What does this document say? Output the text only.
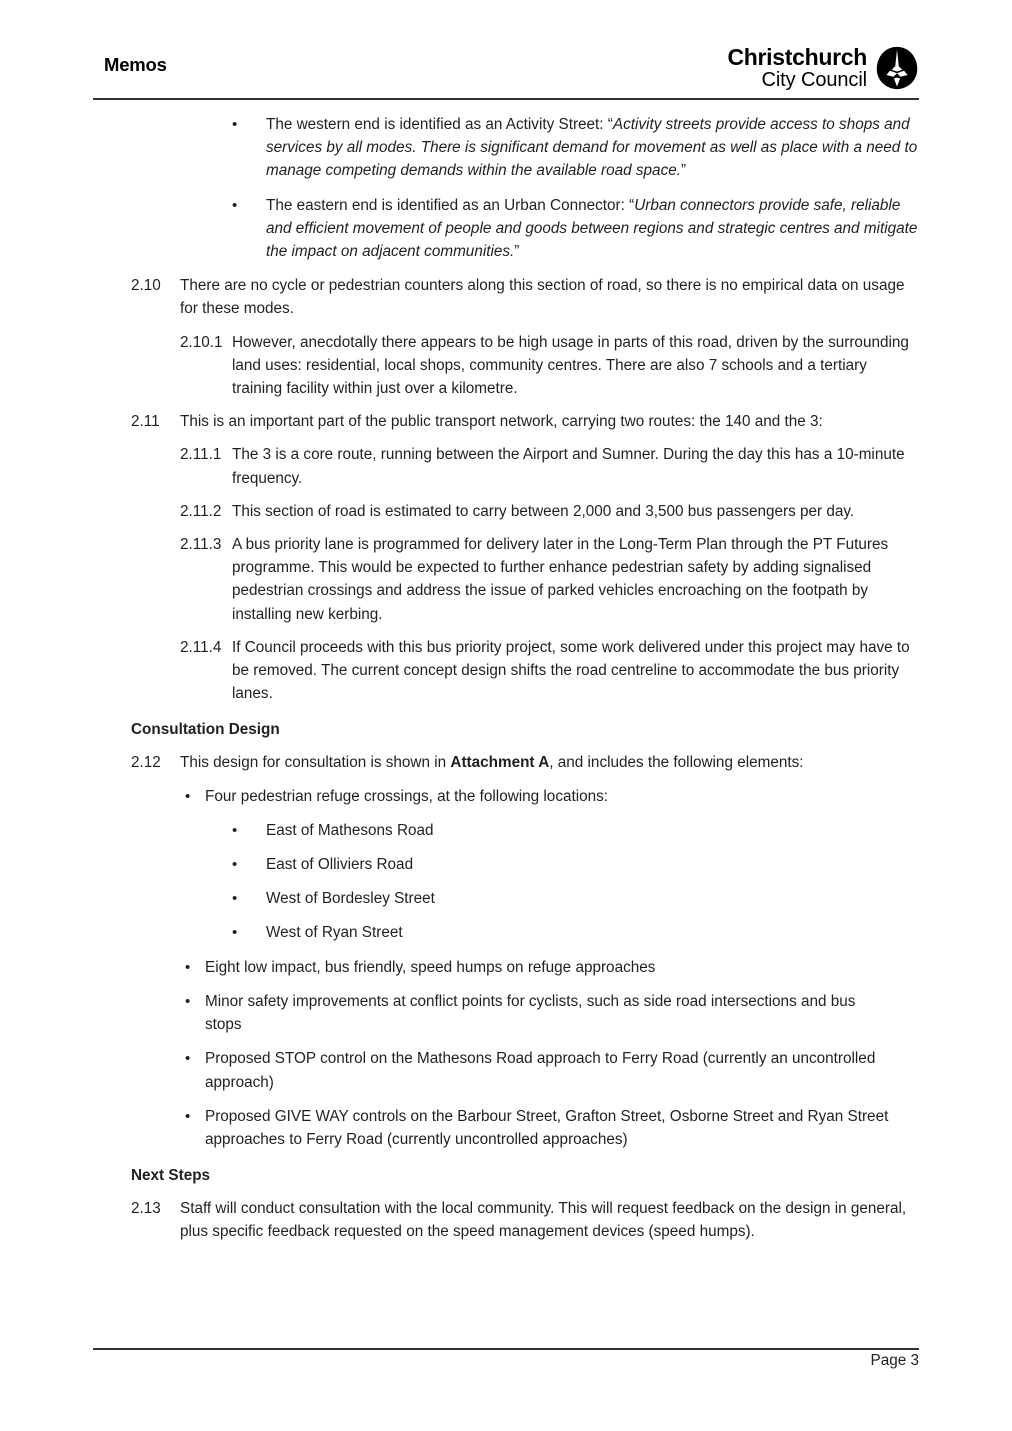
Memos	Christchurch
City Council
•	The western end is identified as an Activity Street: “Activity streets provide access to shops and services by all modes. There is significant demand for movement as well as place with a need to manage competing demands within the available road space.”
•	The eastern end is identified as an Urban Connector: “Urban connectors provide safe, reliable and efficient movement of people and goods between regions and strategic centres and mitigate the impact on adjacent communities.”
2.10	There are no cycle or pedestrian counters along this section of road, so there is no empirical data on usage for these modes.
2.10.1 However, anecdotally there appears to be high usage in parts of this road, driven by the surrounding land uses: residential, local shops, community centres. There are also 7 schools and a tertiary training facility within just over a kilometre.
2.11	This is an important part of the public transport network, carrying two routes: the 140 and the 3:
2.11.1 The 3 is a core route, running between the Airport and Sumner. During the day this has a 10-minute frequency.
2.11.2 This section of road is estimated to carry between 2,000 and 3,500 bus passengers per day.
2.11.3 A bus priority lane is programmed for delivery later in the Long-Term Plan through the PT Futures programme. This would be expected to further enhance pedestrian safety by adding signalised pedestrian crossings and address the issue of parked vehicles encroaching on the footpath by installing new kerbing.
2.11.4 If Council proceeds with this bus priority project, some work delivered under this project may have to be removed. The current concept design shifts the road centreline to accommodate the bus priority lanes.
Consultation Design
2.12	This design for consultation is shown in Attachment A, and includes the following elements:
• Four pedestrian refuge crossings, at the following locations:
•	East of Mathesons Road
•	East of Olliviers Road
•	West of Bordesley Street
•	West of Ryan Street
• Eight low impact, bus friendly, speed humps on refuge approaches
• Minor safety improvements at conflict points for cyclists, such as side road intersections and bus stops
• Proposed STOP control on the Mathesons Road approach to Ferry Road (currently an uncontrolled approach)
• Proposed GIVE WAY controls on the Barbour Street, Grafton Street, Osborne Street and Ryan Street approaches to Ferry Road (currently uncontrolled approaches)
Next Steps
2.13	Staff will conduct consultation with the local community. This will request feedback on the design in general, plus specific feedback requested on the speed management devices (speed humps).
Page 3
